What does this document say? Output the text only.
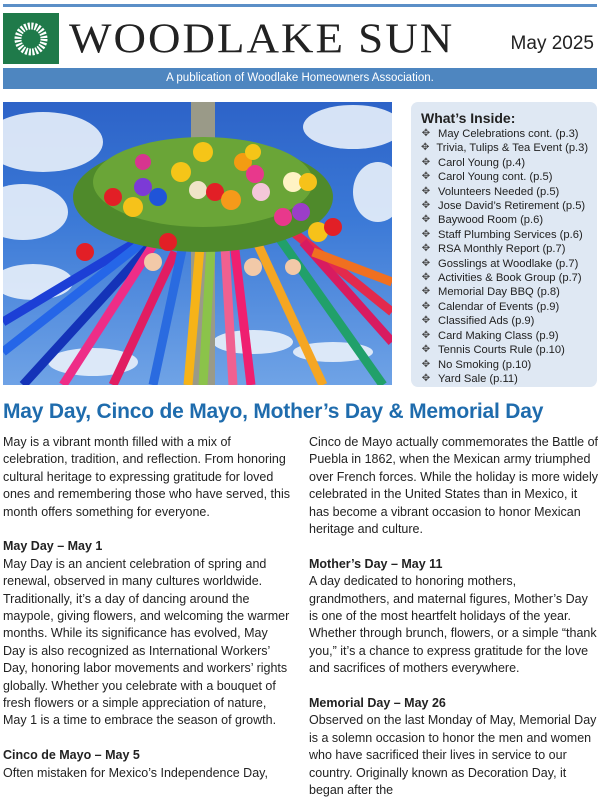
WOODLAKE SUN	May 2025
A publication of Woodlake Homeowners Association.
What’s Inside:
✥ May Celebrations cont. (p.3)
✥ Trivia, Tulips & Tea Event (p.3)
✥ Carol Young (p.4)
✥ Carol Young cont. (p.5)
✥ Volunteers Needed (p.5)
✥ Jose David’s Retirement (p.5)
✥ Baywood Room (p.6)
✥ Staff Plumbing Services (p.6)
✥ RSA Monthly Report (p.7)
✥ Gosslings at Woodlake (p.7)
✥ Activities & Book Group (p.7)
✥ Memorial Day BBQ (p.8)
✥ Calendar of Events (p.9)
✥ Classified Ads (p.9)
✥ Card Making Class (p.9)
✥ Tennis Courts Rule (p.10)
✥ No Smoking (p.10)
✥ Yard Sale (p.11)
May Day, Cinco de Mayo, Mother’s Day & Memorial Day

May is a vibrant month filled with a mix of celebration, tradition, and reflection. From honoring cultural heritage to expressing gratitude for loved ones and remembering those who have served, this month offers something for everyone.

May Day – May 1
May Day is an ancient celebration of spring and renewal, observed in many cultures worldwide. Traditionally, it’s a day of dancing around the maypole, giving flowers, and welcoming the warmer months. While its significance has evolved, May Day is also recognized as International Workers’ Day, honoring labor movements and workers’ rights globally. Whether you celebrate with a bouquet of fresh flowers or a simple appreciation of nature, May 1 is a time to embrace the season of growth.
Cinco de Mayo – May 5
Often mistaken for Mexico’s Independence Day,

Cinco de Mayo actually commemorates the Battle of Puebla in 1862, when the Mexican army triumphed over French forces. While the holiday is more widely celebrated in the United States than in Mexico, it has become a vibrant occasion to honor Mexican heritage and culture.

Mother’s Day – May 11
A day dedicated to honoring mothers, grandmothers, and maternal figures, Mother’s Day is one of the most heartfelt holidays of the year. Whether through brunch, flowers, or a simple “thank you,” it’s a chance to express gratitude for the love and sacrifices of mothers everywhere.
Memorial Day – May 26
Observed on the last Monday of May, Memorial Day is a solemn occasion to honor the men and women who have sacrificed their lives in service to our country. Originally known as Decoration Day, it began after the
